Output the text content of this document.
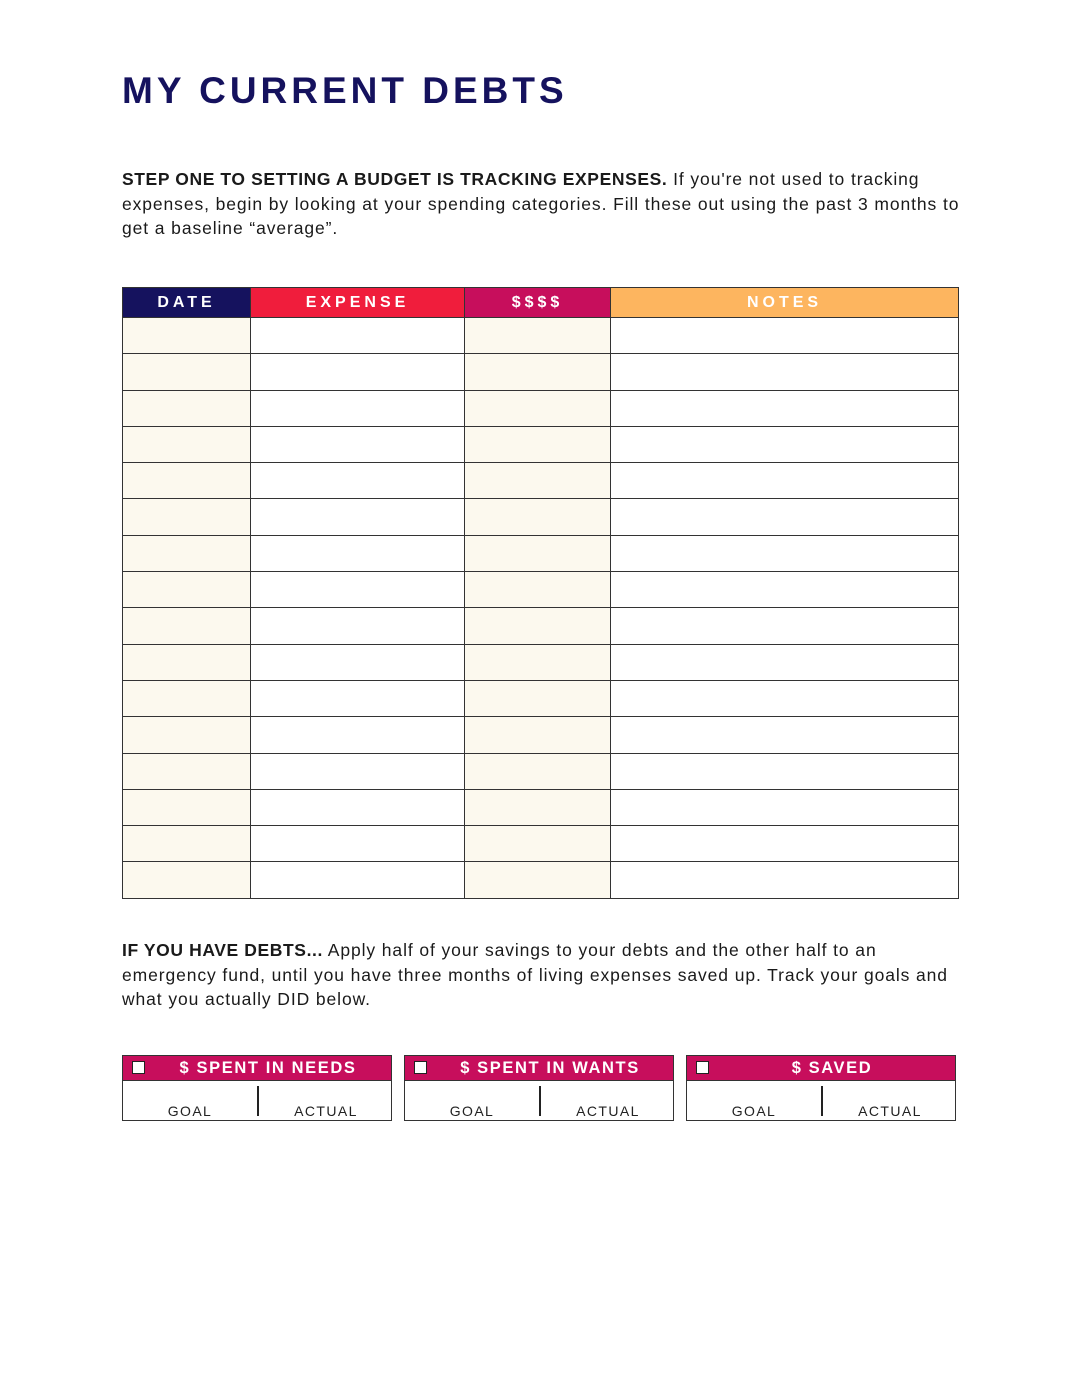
MY CURRENT DEBTS

STEP ONE TO SETTING A BUDGET IS TRACKING EXPENSES. If you're not used to tracking expenses, begin by looking at your spending categories. Fill these out using the past 3 months to get a baseline “average”.

DATE	EXPENSE	$$$$	NOTES

IF YOU HAVE DEBTS... Apply half of your savings to your debts and the other half to an emergency fund, until you have three months of living expenses saved up. Track your goals and what you actually DID below.

$ SPENT IN NEEDS
GOAL	ACTUAL
$ SPENT IN WANTS
GOAL	ACTUAL
$ SAVED
GOAL	ACTUAL
